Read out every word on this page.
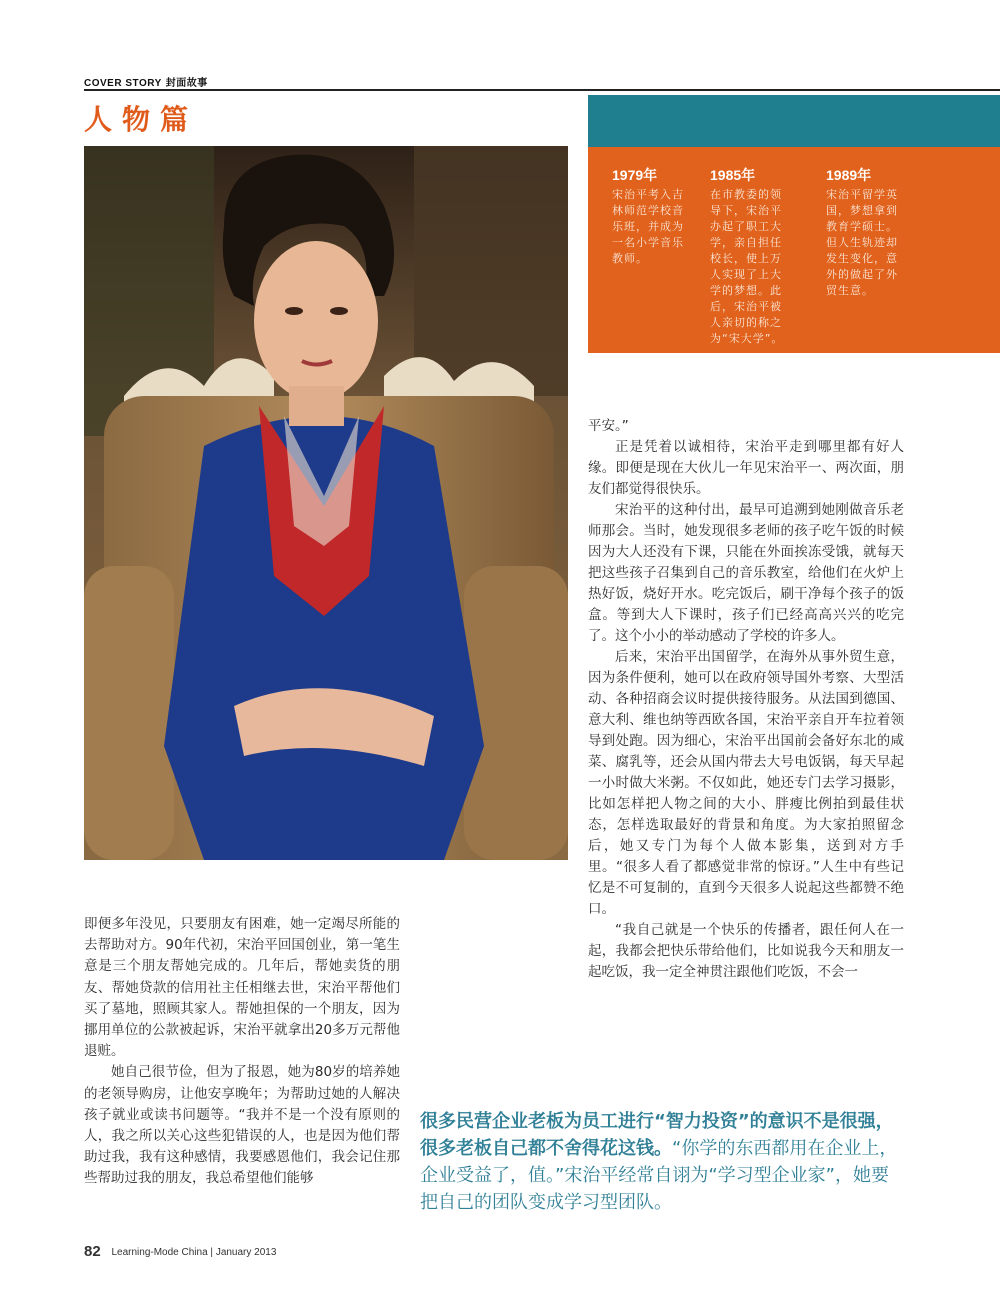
COVER STORY 封面故事
人物篇
1979年
宋治平考入吉林师范学校音乐班，并成为一名小学音乐教师。
1985年
在市教委的领导下，宋治平办起了职工大学，亲自担任校长，使上万人实现了上大学的梦想。此后，宋治平被人亲切的称之为“宋大学”。
1989年
宋治平留学英国，梦想拿到教育学硕士。但人生轨迹却发生变化，意外的做起了外贸生意。

平安。”

正是凭着以诚相待，宋治平走到哪里都有好人缘。即便是现在大伙儿一年见宋治平一、两次面，朋友们都觉得很快乐。

宋治平的这种付出，最早可追溯到她刚做音乐老师那会。当时，她发现很多老师的孩子吃午饭的时候因为大人还没有下课，只能在外面挨冻受饿，就每天把这些孩子召集到自己的音乐教室，给他们在火炉上热好饭，烧好开水。吃完饭后，刷干净每个孩子的饭盒。等到大人下课时，孩子们已经高高兴兴的吃完了。这个小小的举动感动了学校的许多人。

后来，宋治平出国留学，在海外从事外贸生意，因为条件便利，她可以在政府领导国外考察、大型活动、各种招商会议时提供接待服务。从法国到德国、意大利、维也纳等西欧各国，宋治平亲自开车拉着领导到处跑。因为细心，宋治平出国前会备好东北的咸菜、腐乳等，还会从国内带去大号电饭锅，每天早起一小时做大米粥。不仅如此，她还专门去学习摄影，比如怎样把人物之间的大小、胖瘦比例拍到最佳状态，怎样选取最好的背景和角度。为大家拍照留念后，她又专门为每个人做本影集，送到对方手里。“很多人看了都感觉非常的惊讶。”人生中有些记忆是不可复制的，直到今天很多人说起这些都赞不绝口。

“我自己就是一个快乐的传播者，跟任何人在一起，我都会把快乐带给他们，比如说我今天和朋友一起吃饭，我一定全神贯注跟他们吃饭，不会一

即便多年没见，只要朋友有困难，她一定竭尽所能的去帮助对方。90年代初，宋治平回国创业，第一笔生意是三个朋友帮她完成的。几年后，帮她卖货的朋友、帮她贷款的信用社主任相继去世，宋治平帮他们买了墓地，照顾其家人。帮她担保的一个朋友，因为挪用单位的公款被起诉，宋治平就拿出20多万元帮他退赃。

她自己很节俭，但为了报恩，她为80岁的培养她的老领导购房，让他安享晚年；为帮助过她的人解决孩子就业或读书问题等。“我并不是一个没有原则的人，我之所以关心这些犯错误的人，也是因为他们帮助过我，我有这种感情，我要感恩他们，我会记住那些帮助过我的朋友，我总希望他们能够

很多民营企业老板为员工进行“智力投资”的意识不是很强，很多老板自己都不舍得花这钱。“你学的东西都用在企业上，企业受益了，值。”宋治平经常自诩为“学习型企业家”，她要把自己的团队变成学习型团队。
82 Learning-Mode China | January 2013
